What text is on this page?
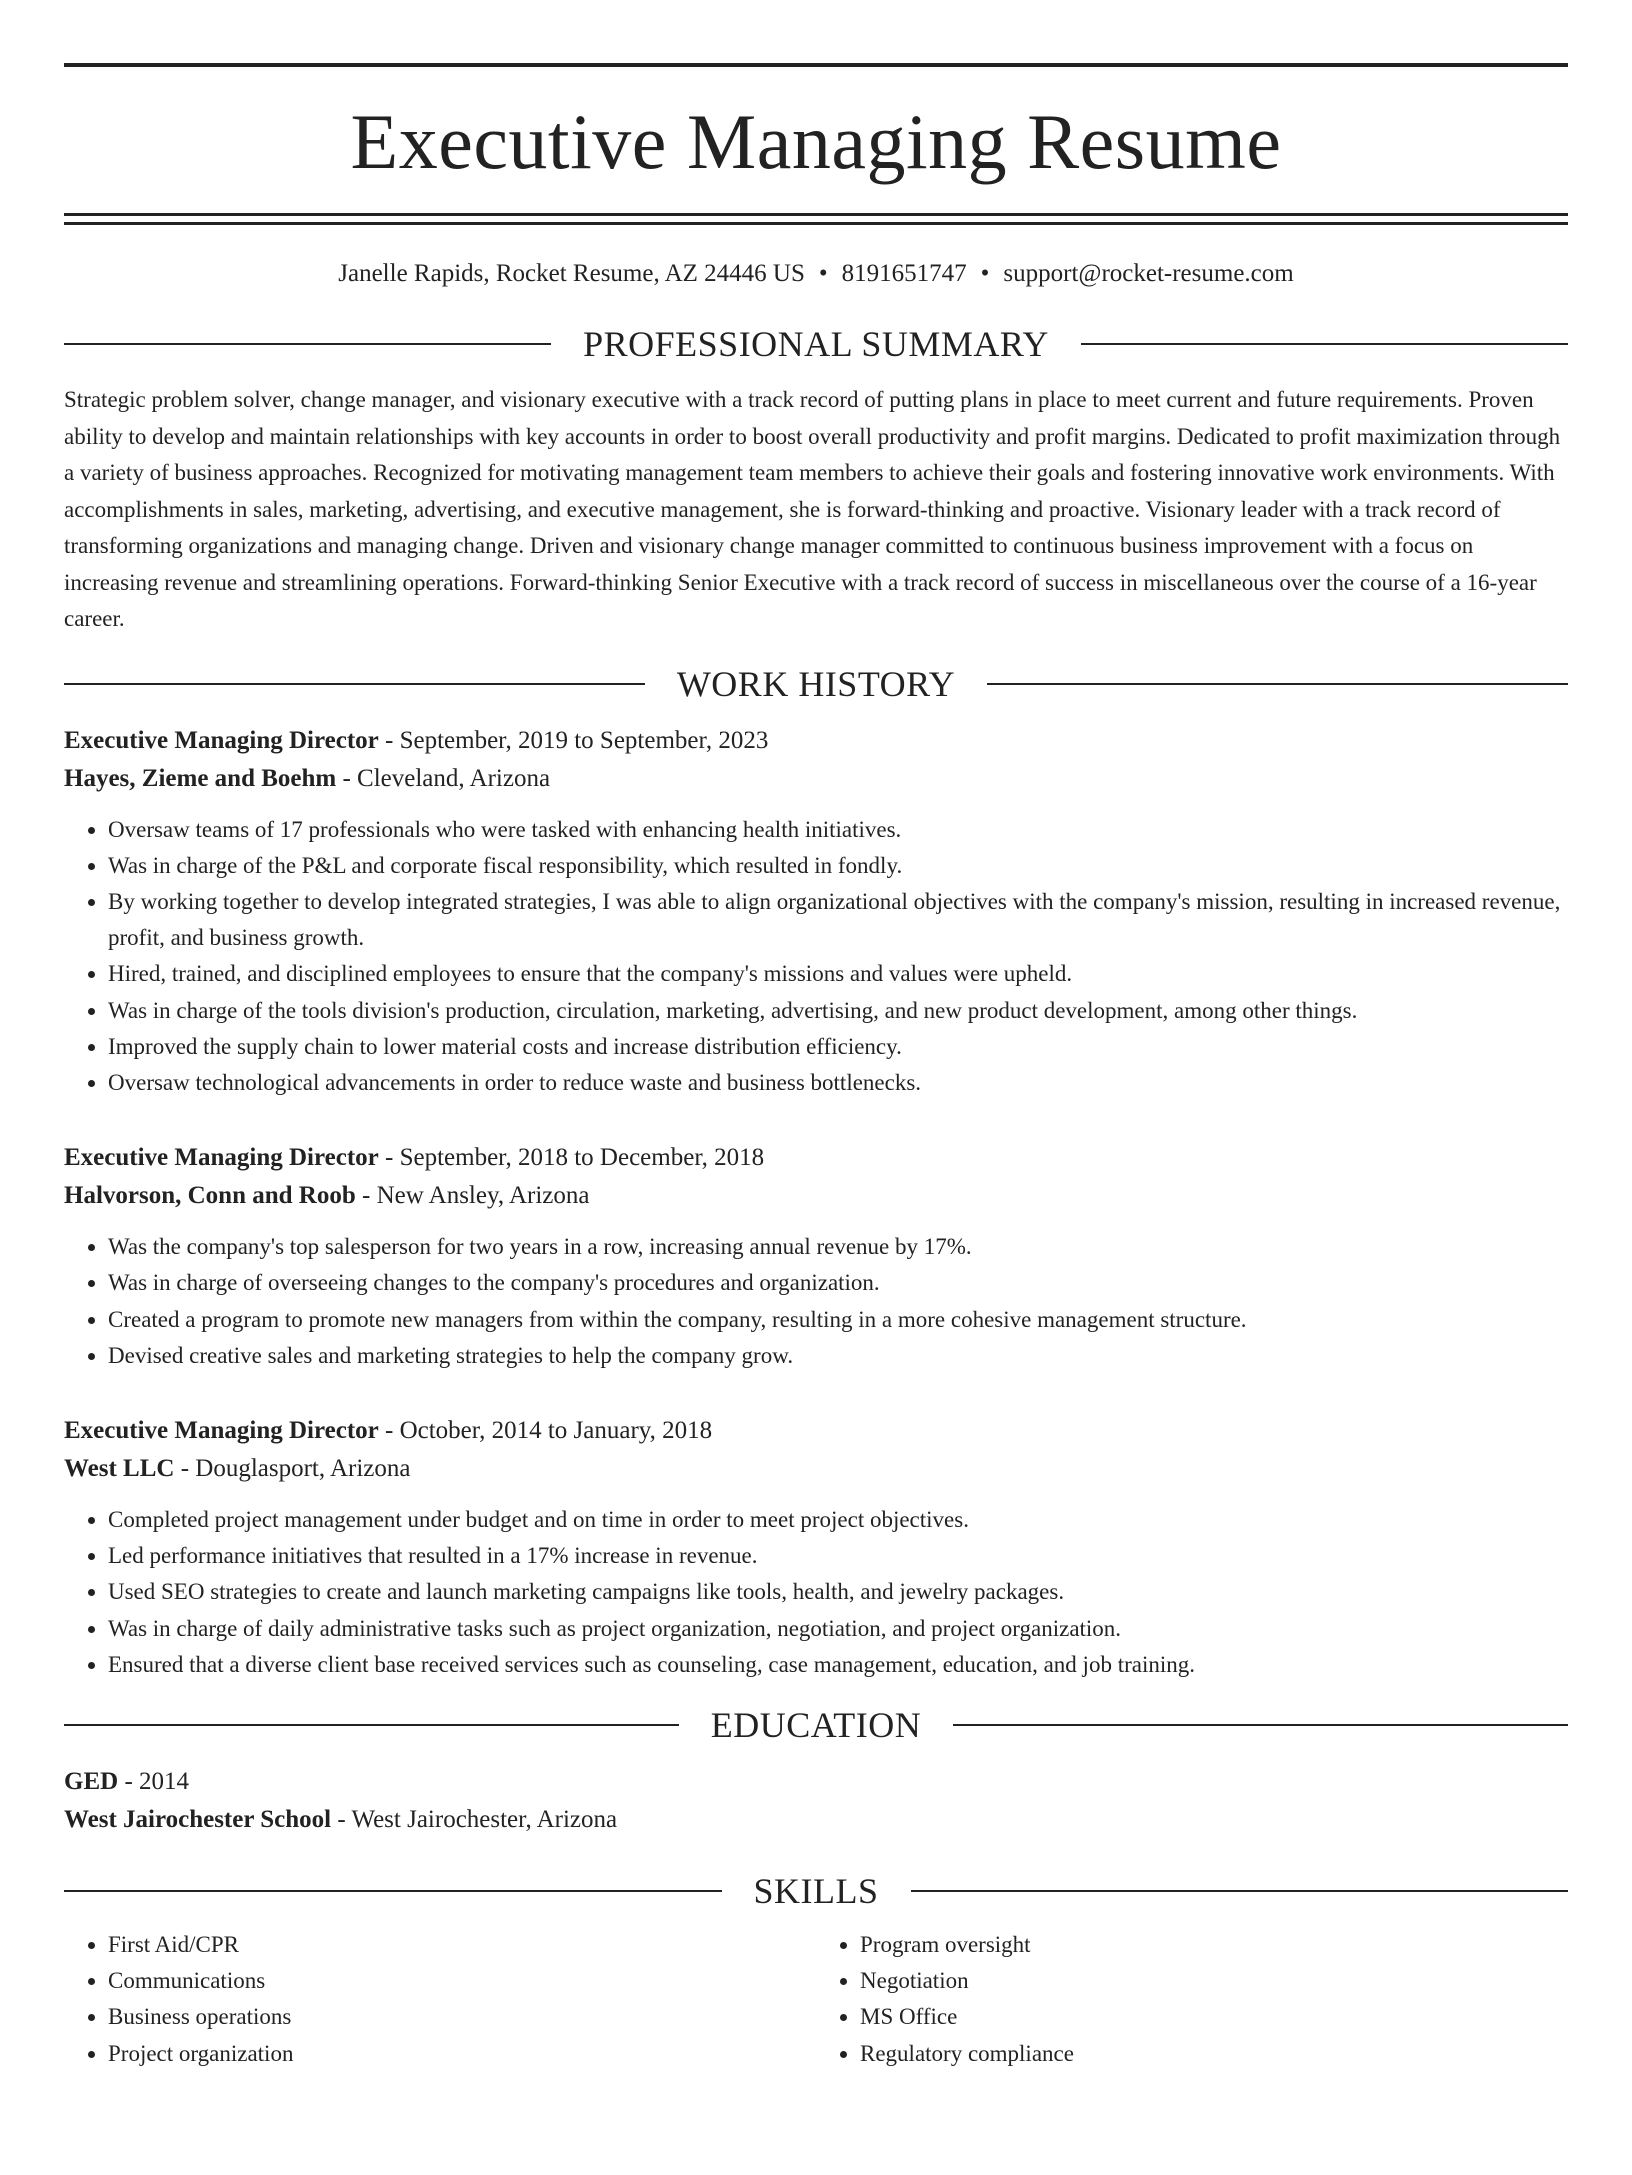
Executive Managing Resume
Janelle Rapids, Rocket Resume, AZ 24446 US • 8191651747 • support@rocket-resume.com
PROFESSIONAL SUMMARY

Strategic problem solver, change manager, and visionary executive with a track record of putting plans in place to meet current and future requirements. Proven ability to develop and maintain relationships with key accounts in order to boost overall productivity and profit margins. Dedicated to profit maximization through a variety of business approaches. Recognized for motivating management team members to achieve their goals and fostering innovative work environments. With accomplishments in sales, marketing, advertising, and executive management, she is forward-thinking and proactive. Visionary leader with a track record of transforming organizations and managing change. Driven and visionary change manager committed to continuous business improvement with a focus on increasing revenue and streamlining operations. Forward-thinking Senior Executive with a track record of success in miscellaneous over the course of a 16-year career.

WORK HISTORY
Executive Managing Director - September, 2019 to September, 2023
Hayes, Zieme and Boehm - Cleveland, Arizona
• Oversaw teams of 17 professionals who were tasked with enhancing health initiatives.
• Was in charge of the P&L and corporate fiscal responsibility, which resulted in fondly.
• By working together to develop integrated strategies, I was able to align organizational objectives with the company's mission, resulting in increased revenue, profit, and business growth.
• Hired, trained, and disciplined employees to ensure that the company's missions and values were upheld.
• Was in charge of the tools division's production, circulation, marketing, advertising, and new product development, among other things.
• Improved the supply chain to lower material costs and increase distribution efficiency.
• Oversaw technological advancements in order to reduce waste and business bottlenecks.
Executive Managing Director - September, 2018 to December, 2018
Halvorson, Conn and Roob - New Ansley, Arizona
• Was the company's top salesperson for two years in a row, increasing annual revenue by 17%.
• Was in charge of overseeing changes to the company's procedures and organization.
• Created a program to promote new managers from within the company, resulting in a more cohesive management structure.
• Devised creative sales and marketing strategies to help the company grow.
Executive Managing Director - October, 2014 to January, 2018
West LLC - Douglasport, Arizona
• Completed project management under budget and on time in order to meet project objectives.
• Led performance initiatives that resulted in a 17% increase in revenue.
• Used SEO strategies to create and launch marketing campaigns like tools, health, and jewelry packages.
• Was in charge of daily administrative tasks such as project organization, negotiation, and project organization.
• Ensured that a diverse client base received services such as counseling, case management, education, and job training.
EDUCATION
GED - 2014
West Jairochester School - West Jairochester, Arizona
SKILLS
• First Aid/CPR
• Communications
• Business operations
• Project organization
• Program oversight
• Negotiation
• MS Office
• Regulatory compliance
